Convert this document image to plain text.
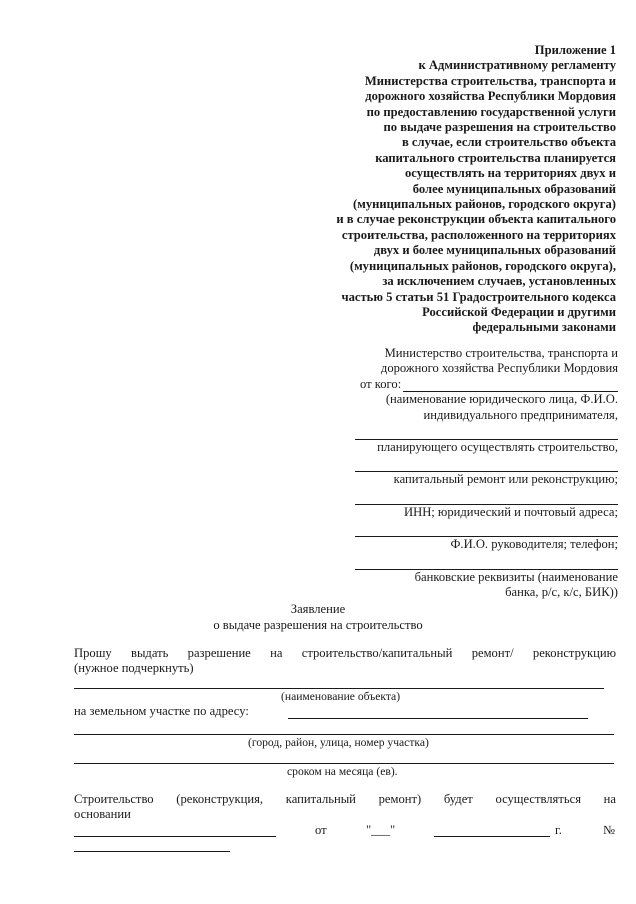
Приложение 1
к Административному регламенту
Министерства строительства, транспорта и
дорожного хозяйства Республики Мордовия
по предоставлению государственной услуги
по выдаче разрешения на строительство
в случае, если строительство объекта
капитального строительства планируется
осуществлять на территориях двух и
более муниципальных образований
(муниципальных районов, городского округа)
и в случае реконструкции объекта капитального
строительства, расположенного на территориях
двух и более муниципальных образований
(муниципальных районов, городского округа),
за исключением случаев, установленных
частью 5 статьи 51 Градостроительного кодекса
Российской Федерации и другими
федеральными законами
Министерство строительства, транспорта и
дорожного хозяйства Республики Мордовия
от кого:
(наименование юридического лица, Ф.И.О.
индивидуального предпринимателя,
планирующего осуществлять строительство,
капитальный ремонт или реконструкцию;
ИНН; юридический и почтовый адреса;
Ф.И.О. руководителя; телефон;
банковские реквизиты (наименование
банка, р/с, к/с, БИК))
Заявление
о выдаче разрешения на строительство
Прошу выдать разрешение на строительство/капитальный ремонт/ реконструкцию
(нужное подчеркнуть)
(наименование объекта)
на земельном участке по адресу:
(город, район, улица, номер участка)
сроком на месяца (ев).
Строительство (реконструкция, капитальный ремонт) будет осуществляться на
основании
от	"___"	г.	№
